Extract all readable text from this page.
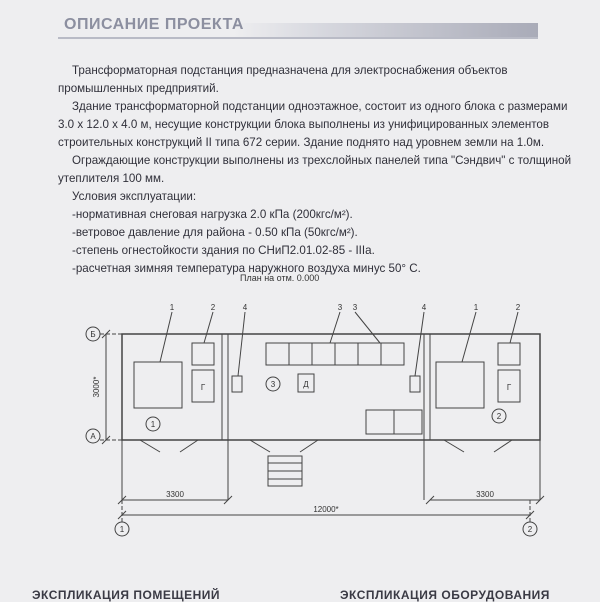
ОПИСАНИЕ ПРОЕКТА
Трансформаторная подстанция предназначена для электроснабжения объектов
промышленных предприятий.
Здание трансформаторной подстанции одноэтажное, состоит из одного блока с размерами
3.0 х 12.0 х 4.0 м, несущие конструкции блока выполнены из унифицированных элементов
строительных конструкций II типа 672 серии. Здание поднято над уровнем земли на 1.0м.
Ограждающие конструкции выполнены из трехслойных панелей типа "Сэндвич" с толщиной
утеплителя 100 мм.
Условия эксплуатации:
-нормативная снеговая нагрузка 2.0 кПа (200кгс/м²).
-ветровое давление для района - 0.50 кПа (50кгс/м²).
-степень огнестойкости здания по СНиП2.01.02-85 - IIIa.
-расчетная зимняя температура наружного воздуха минус 50° С.
План на отм. 0.000
Б
А
1	2
1
3
2
1	2	4	3 3	4	1	2
Г	Д	Г
3300	3300
12000*
3000*
ЭКСПЛИКАЦИЯ ПОМЕЩЕНИЙ	ЭКСПЛИКАЦИЯ ОБОРУДОВАНИЯ
